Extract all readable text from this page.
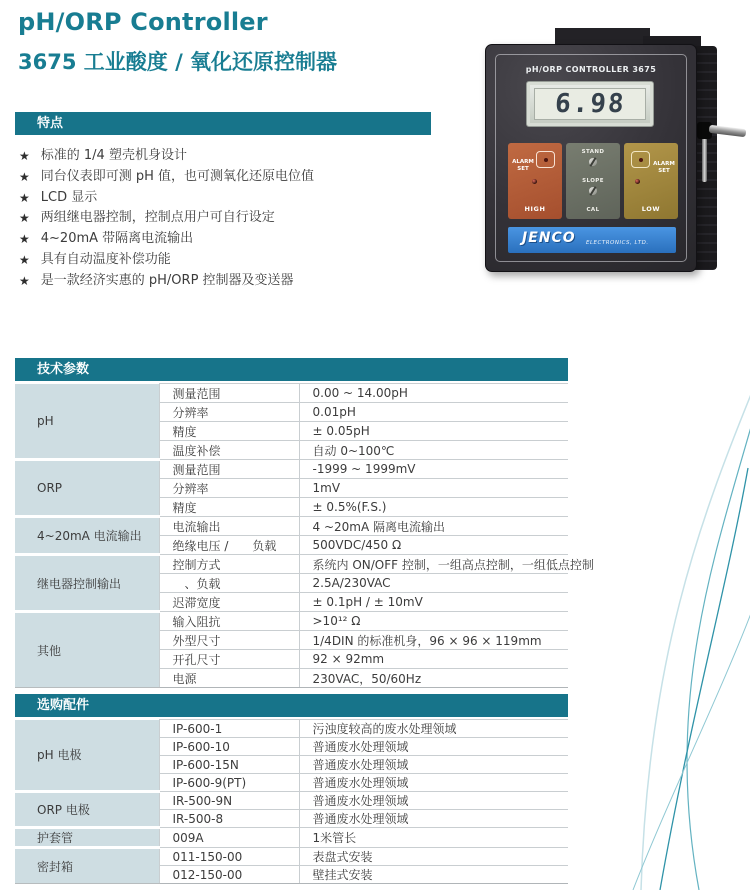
pH/ORP Controller
3675 工业酸度 / 氧化还原控制器	pH/ORP CONTROLLER 3675
6.98
ALARM SET
HIGH
STAND
SLOPE
CAL
ALARM SET
LOW
JENCO ELECTRONICS, LTD.
特点
★ 标准的 1/4 塑壳机身设计
★ 同台仪表即可测 pH 值，也可测氧化还原电位值
★ LCD 显示
★ 两组继电器控制，控制点用户可自行设定
★ 4~20mA 带隔离电流输出
★ 具有自动温度补偿功能
★ 是一款经济实惠的 pH/ORP 控制器及变送器
技术参数
pH	测量范围	0.00 ~ 14.00pH
	分辨率	0.01pH
	精度	± 0.05pH
	温度补偿	自动 0~100℃
ORP	测量范围	-1999 ~ 1999mV
	分辨率	1mV
	精度	± 0.5%(F.S.)
4~20mA 电流输出	电流输出	4 ~20mA 隔离电流输出
	绝缘电压 /　　负载	500VDC/450 Ω
继电器控制输出	控制方式	系统内 ON/OFF 控制，一组高点控制，一组低点控制
	　、负载	2.5A/230VAC
	迟滞宽度	± 0.1pH / ± 10mV
其他	输入阻抗	>10¹² Ω
	外型尺寸	1/4DIN 的标准机身，96 × 96 × 119mm
	开孔尺寸	92 × 92mm
	电源	230VAC，50/60Hz
选购配件
pH 电极	IP-600-1	污浊度较高的废水处理领域
	IP-600-10	普通废水处理领域
	IP-600-15N	普通废水处理领域
	IP-600-9(PT)	普通废水处理领域
ORP 电极	IR-500-9N	普通废水处理领域
	IR-500-8	普通废水处理领域
护套管	009A	1米管长
密封箱	011-150-00	表盘式安装
	012-150-00	壁挂式安装
